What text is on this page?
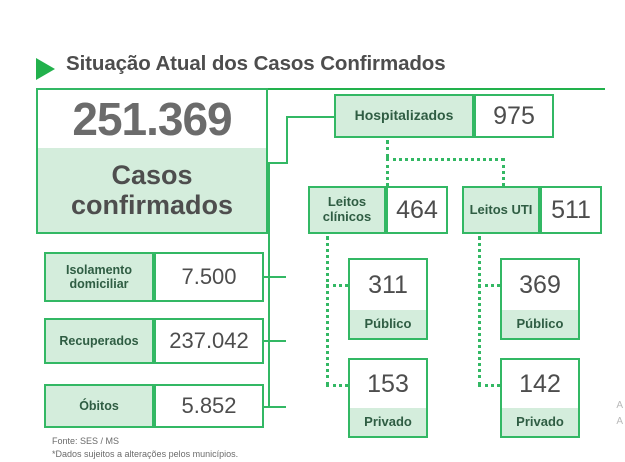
Situação Atual dos Casos Confirmados
251.369
Casos confirmados
Isolamento domiciliar	7.500
Recuperados 237.042
Óbitos	5.852
Hospitalizados 975
Leitos clínicos 464
311
Público
153
Privado
Leitos UTI 511
369
Público
142
Privado
Fonte: SES / MS
*Dados sujeitos a alterações pelos municípios.
A
A
